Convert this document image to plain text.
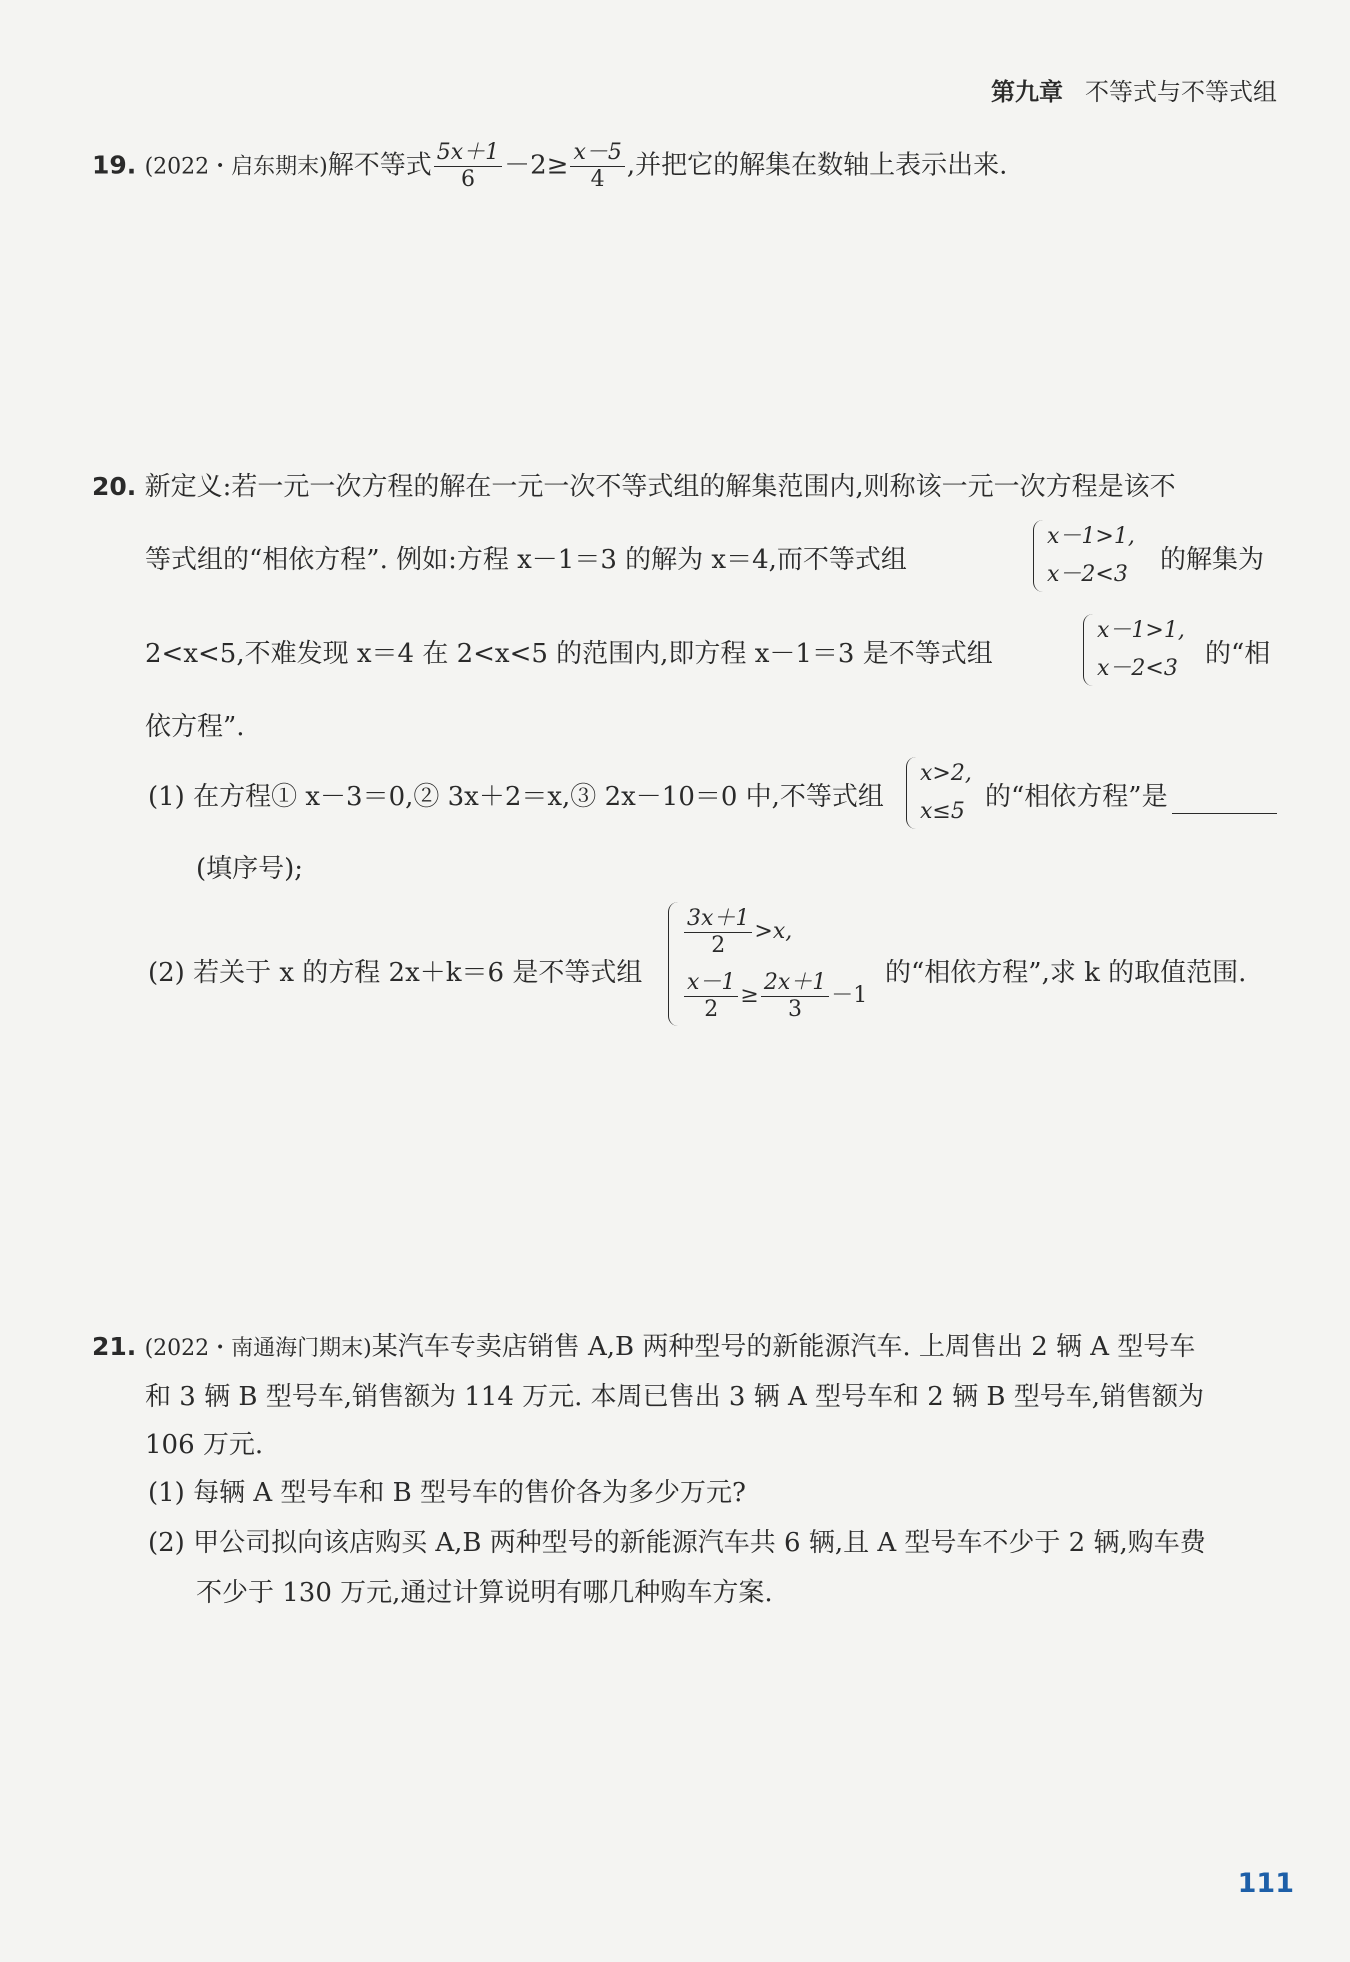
第九章 不等式与不等式组
19. (2022・启东期末)解不等式 $\frac{5x+1}{6} -2\ge \frac{x-5}{4}$ ,并把它的解集在数轴上表示出来.
20. 新定义:若一元一次方程的解在一元一次不等式组的解集范围内,则称该一元一次方程是该不
等式组的“相依方程”. 例如:方程 x－1＝3 的解为 x＝4,而不等式组
x－1>1,
x－2<3 的解集为
2<x<5,不难发现 x＝4 在 2<x<5 的范围内,即方程 x－1＝3 是不等式组
x－1>1,
x－2<3 的“相
依方程”.
(1) 在方程① x－3＝0,② 3x＋2＝x,③ 2x－10＝0 中,不等式组
x>2,
x≤5 的“相依方程”是
(填序号);
(2) 若关于 x 的方程 2x＋k＝6 是不等式组
$\frac{3x+1}{2} >x$,
$\frac{x-1}{2} \ge \frac{2x+1}{3} -1$
的“相依方程”,求 k 的取值范围.
21. (2022・南通海门期末)某汽车专卖店销售 A,B 两种型号的新能源汽车. 上周售出 2 辆 A 型号车
和 3 辆 B 型号车,销售额为 114 万元. 本周已售出 3 辆 A 型号车和 2 辆 B 型号车,销售额为
106 万元.
(1) 每辆 A 型号车和 B 型号车的售价各为多少万元?
(2) 甲公司拟向该店购买 A,B 两种型号的新能源汽车共 6 辆,且 A 型号车不少于 2 辆,购车费
不少于 130 万元,通过计算说明有哪几种购车方案.
111
